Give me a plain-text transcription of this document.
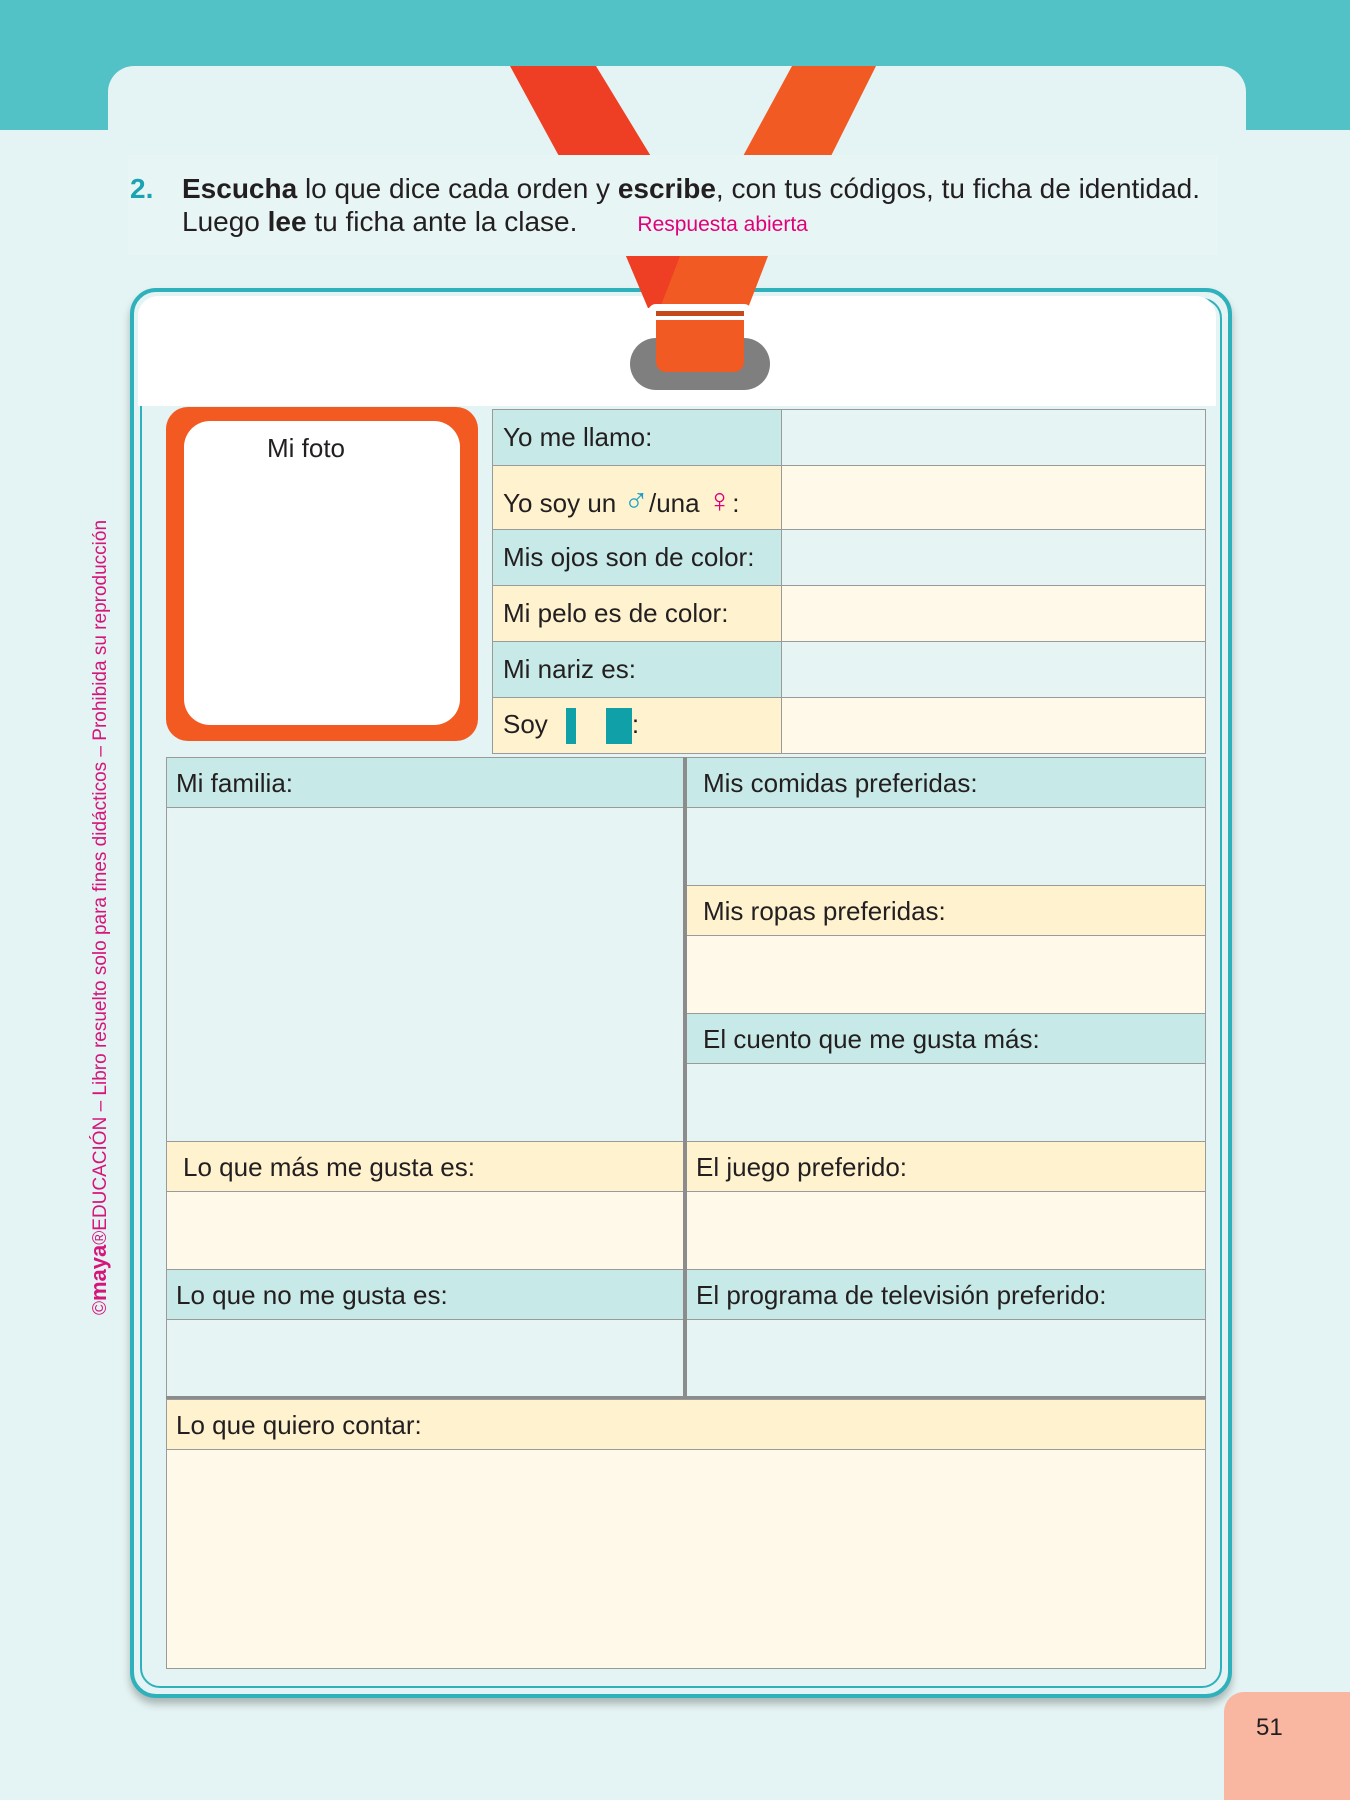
2. Escucha lo que dice cada orden y escribe, con tus códigos, tu ficha de identidad. Luego lee tu ficha ante la clase.	Respuesta abierta
Mi foto	Yo me llamo:	
Yo soy un ♂/una ♀:	
Mis ojos son de color:	
Mi pelo es de color:	
Mi nariz es:	
Soy :	
Mi familia:
Lo que más me gusta es:
Lo que no me gusta es:
Mis comidas preferidas:
Mis ropas preferidas:
El cuento que me gusta más:
El juego preferido:
El programa de televisión preferido:
Lo que quiero contar:
©maya®EDUCACIÓN – Libro resuelto solo para fines didácticos – Prohibida su reproducción
51
